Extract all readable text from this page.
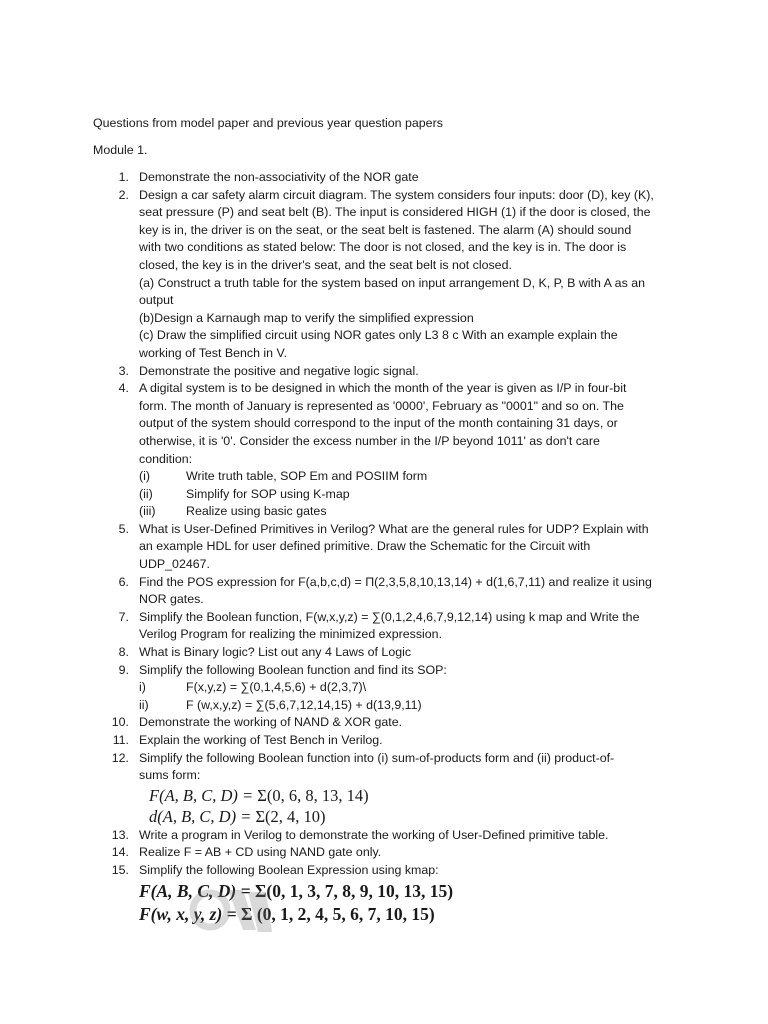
Questions from model paper and previous year question papers

Module 1.

1. Demonstrate the non-associativity of the NOR gate
2. Design a car safety alarm circuit diagram. The system considers four inputs: door (D), key (K),
seat pressure (P) and seat belt (B). The input is considered HIGH (1) if the door is closed, the
key is in, the driver is on the seat, or the seat belt is fastened. The alarm (A) should sound
with two conditions as stated below: The door is not closed, and the key is in. The door is
closed, the key is in the driver's seat, and the seat belt is not closed.
(a) Construct a truth table for the system based on input arrangement D, K, P, B with A as an
output
(b)Design a Karnaugh map to verify the simplified expression
(c) Draw the simplified circuit using NOR gates only L3 8 c With an example explain the
working of Test Bench in V.
3. Demonstrate the positive and negative logic signal.
4. A digital system is to be designed in which the month of the year is given as I/P in four-bit
form. The month of January is represented as '0000', February as "0001" and so on. The
output of the system should correspond to the input of the month containing 31 days, or
otherwise, it is '0'. Consider the excess number in the I/P beyond 1011' as don't care
condition:
(i)	Write truth table, SOP Em and POSIIM form
(ii)	Simplify for SOP using K-map
(iii)	Realize using basic gates
5. What is User-Defined Primitives in Verilog? What are the general rules for UDP? Explain with
an example HDL for user defined primitive. Draw the Schematic for the Circuit with
UDP_02467.
6. Find the POS expression for F(a,b,c,d) = Π(2,3,5,8,10,13,14) + d(1,6,7,11) and realize it using
NOR gates.
7. Simplify the Boolean function, F(w,x,y,z) = ∑(0,1,2,4,6,7,9,12,14) using k map and Write the
Verilog Program for realizing the minimized expression.
8. What is Binary logic? List out any 4 Laws of Logic
9. Simplify the following Boolean function and find its SOP:
i)	F(x,y,z) = ∑(0,1,4,5,6) + d(2,3,7)\
ii)	F (w,x,y,z) = ∑(5,6,7,12,14,15) + d(13,9,11)
10. Demonstrate the working of NAND & XOR gate.
11. Explain the working of Test Bench in Verilog.
12. Simplify the following Boolean function into (i) sum-of-products form and (ii) product-of-
sums form:
F(A, B, C, D) = Σ(0, 6, 8, 13, 14)
d(A, B, C, D) = Σ(2, 4, 10)
13. Write a program in Verilog to demonstrate the working of User-Defined primitive table.
14. Realize F = AB + CD using NAND gate only.
15. Simplify the following Boolean Expression using kmap:
F(A, B, C, D) = Σ(0, 1, 3, 7, 8, 9, 10, 13, 15)
F(w, x, y, z) = Σ (0, 1, 2, 4, 5, 6, 7, 10, 15)
